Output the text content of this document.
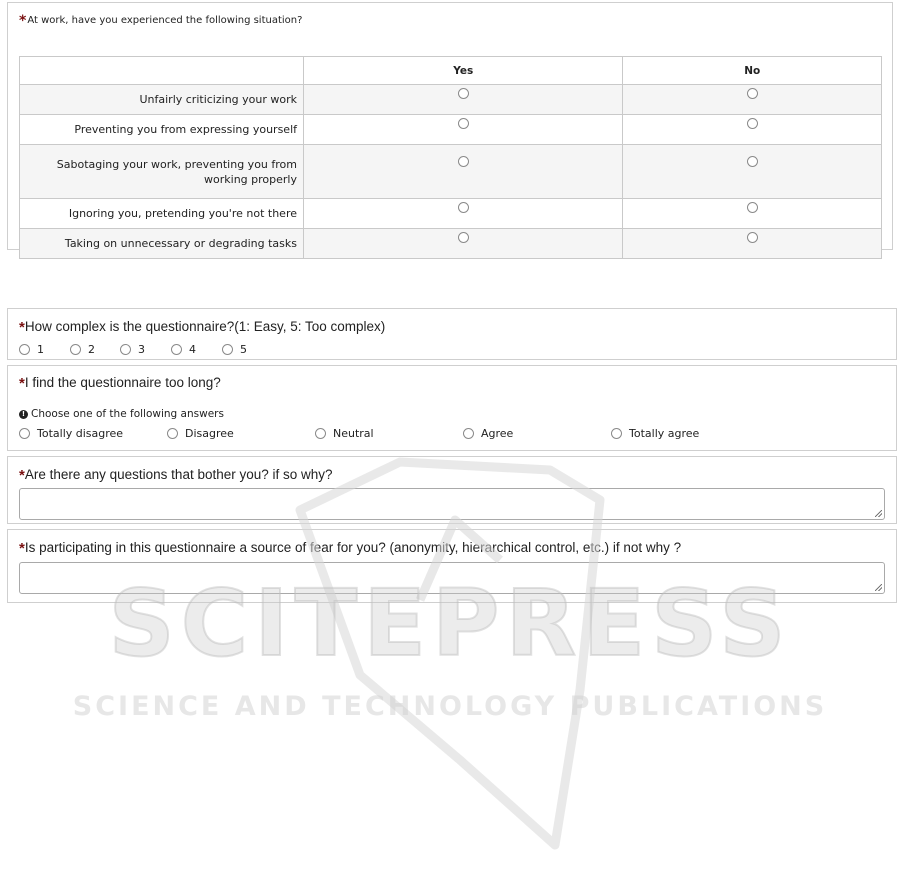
*At work, have you experienced the following situation?
	Yes	No
Unfairly criticizing your work		
Preventing you from expressing yourself		
Sabotaging your work, preventing you from working properly		
Ignoring you, pretending you're not there		
Taking on unnecessary or degrading tasks		
*How complex is the questionnaire?(1: Easy, 5: Too complex)
1	2	3	4	5
*I find the questionnaire too long?
! Choose one of the following answers
Totally disagree	Disagree	Neutral	Agree	Totally agree
*Are there any questions that bother you? if so why?
*Is participating in this questionnaire a source of fear for you? (anonymity, hierarchical control, etc.) if not why ?
SCITEPRESS
SCIENCE AND TECHNOLOGY PUBLICATIONS
